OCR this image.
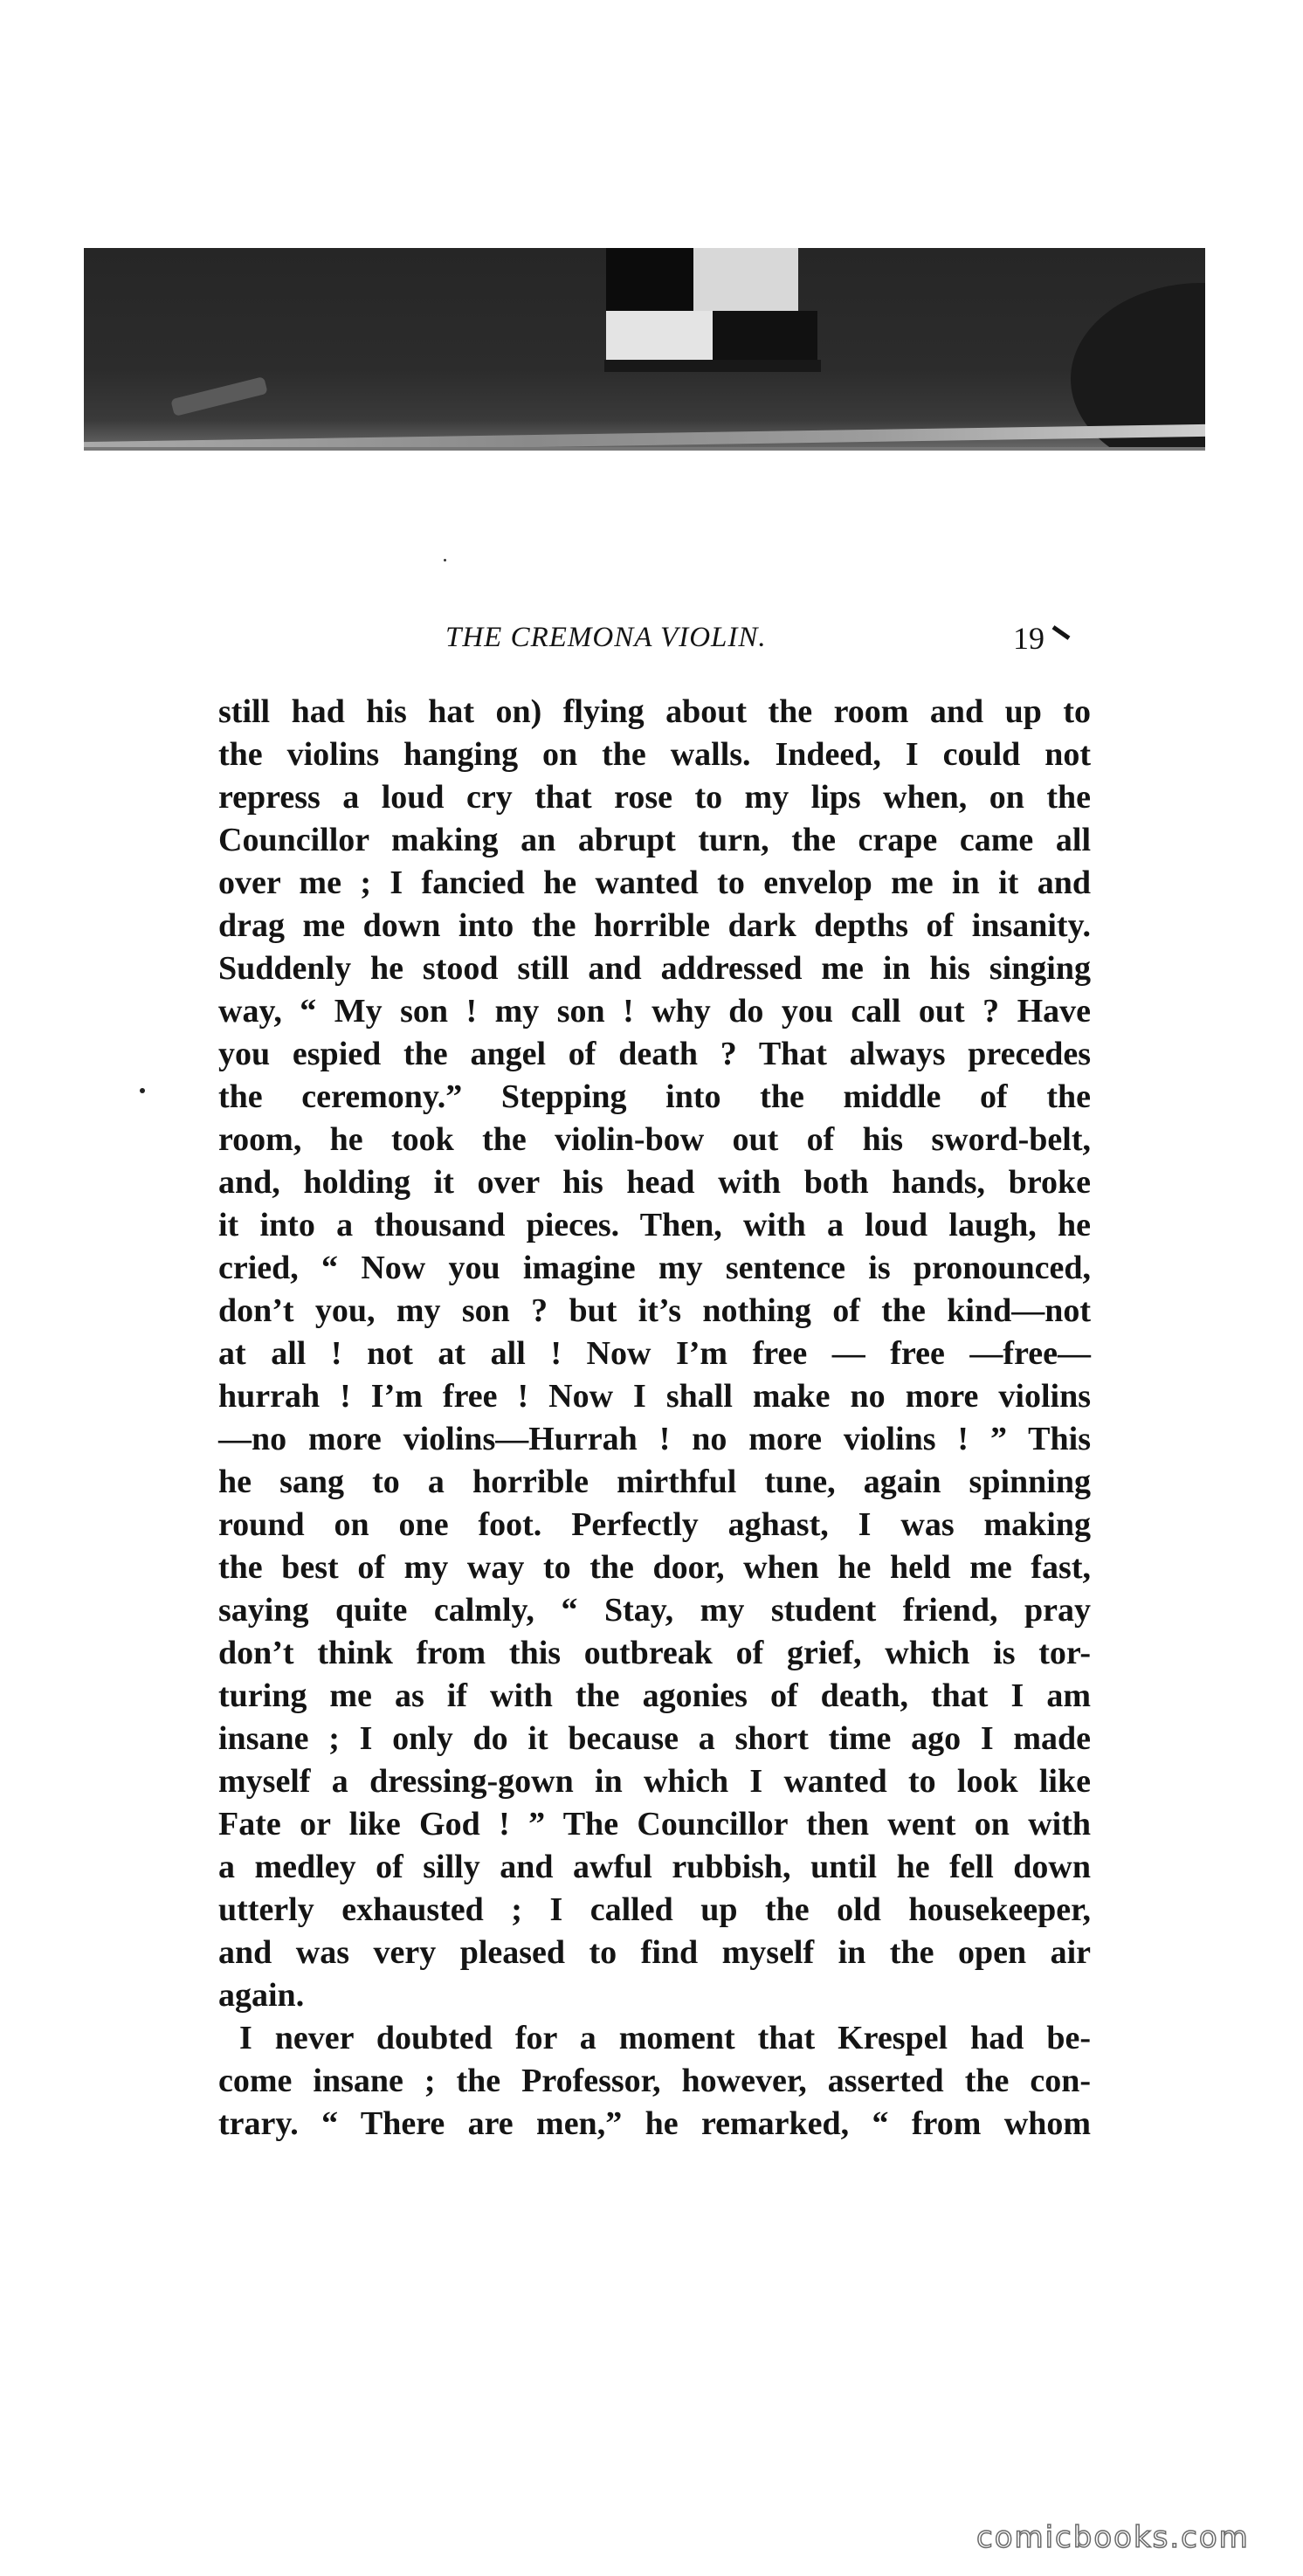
THE CREMONA VIOLIN.	19
still had his hat on) flying about the room and up to
the violins hanging on the walls. Indeed, I could not
repress a loud cry that rose to my lips when, on the
Councillor making an abrupt turn, the crape came all
over me ; I fancied he wanted to envelop me in it and
drag me down into the horrible dark depths of insanity.
Suddenly he stood still and addressed me in his singing
way, “ My son ! my son ! why do you call out ? Have
you espied the angel of death ? That always precedes
the ceremony.” Stepping into the middle of the
room, he took the violin-bow out of his sword-belt,
and, holding it over his head with both hands, broke
it into a thousand pieces. Then, with a loud laugh, he
cried, “ Now you imagine my sentence is pronounced,
don’t you, my son ? but it’s nothing of the kind—not
at all ! not at all ! Now I’m free — free —free—
hurrah ! I’m free ! Now I shall make no more violins
—no more violins—Hurrah ! no more violins ! ” This
he sang to a horrible mirthful tune, again spinning
round on one foot. Perfectly aghast, I was making
the best of my way to the door, when he held me fast,
saying quite calmly, “ Stay, my student friend, pray
don’t think from this outbreak of grief, which is tor-
turing me as if with the agonies of death, that I am
insane ; I only do it because a short time ago I made
myself a dressing-gown in which I wanted to look like
Fate or like God ! ” The Councillor then went on with
a medley of silly and awful rubbish, until he fell down
utterly exhausted ; I called up the old housekeeper,
and was very pleased to find myself in the open air
again.
I never doubted for a moment that Krespel had be-
come insane ; the Professor, however, asserted the con-
trary. “ There are men,” he remarked, “ from whom
comicbooks.com
